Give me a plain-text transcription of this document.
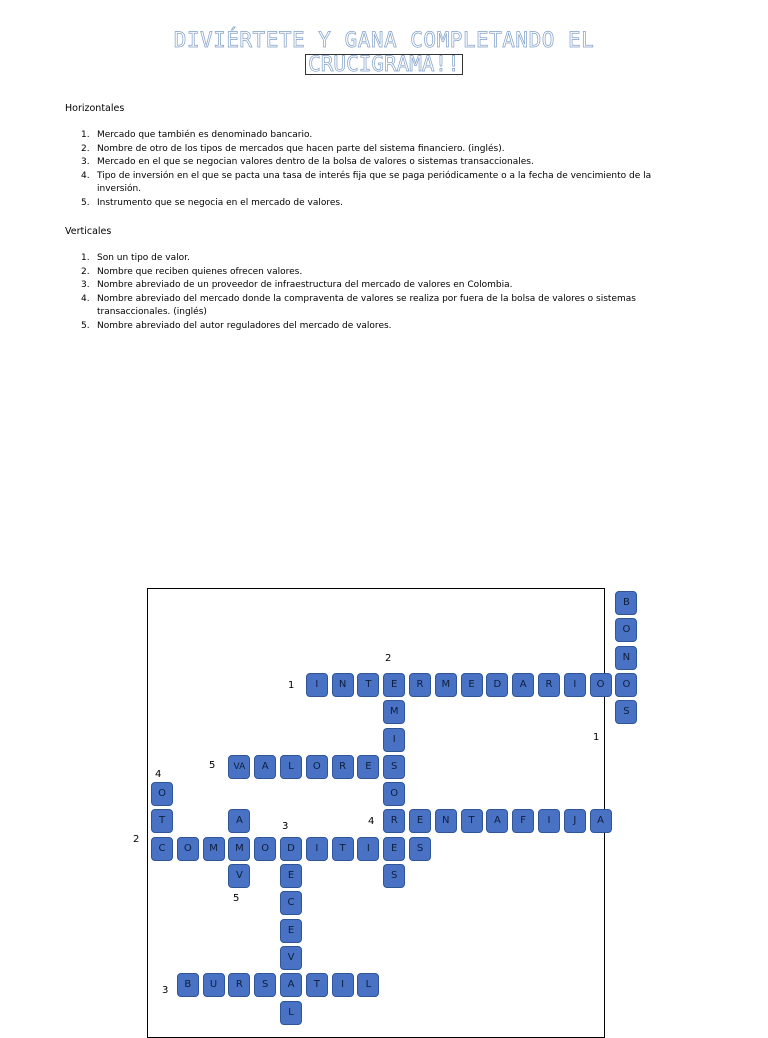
DIVIÉRTETE Y GANA COMPLETANDO EL
CRUCIGRAMA!!
Horizontales
1. Mercado que también es denominado bancario.
2. Nombre de otro de los tipos de mercados que hacen parte del sistema financiero. (inglés).
3. Mercado en el que se negocian valores dentro de la bolsa de valores o sistemas transaccionales.
4. Tipo de inversión en el que se pacta una tasa de interés fija que se paga periódicamente o a la fecha de vencimiento de la inversión.
5. Instrumento que se negocia en el mercado de valores.
Verticales
1. Son un tipo de valor.
2. Nombre que reciben quienes ofrecen valores.
3. Nombre abreviado de un proveedor de infraestructura del mercado de valores en Colombia.
4. Nombre abreviado del mercado donde la compraventa de valores se realiza por fuera de la bolsa de valores o sistemas transaccionales. (inglés)
5. Nombre abreviado del autor reguladores del mercado de valores.
B
O
N
O
S
I	N	T	E	R	M	E	D	A	R	I	O
M
I
S
O
R
E
S
VA	A	L	O	R	E
O
T
C
E	N	T	A	F	I	J	A
O	M	M	O	D	I	T	I	S
A
V	E
C
E
V
A
L
B	U	R	S	T	I	L
2
1
1
5
4
4
3
2
5
3
